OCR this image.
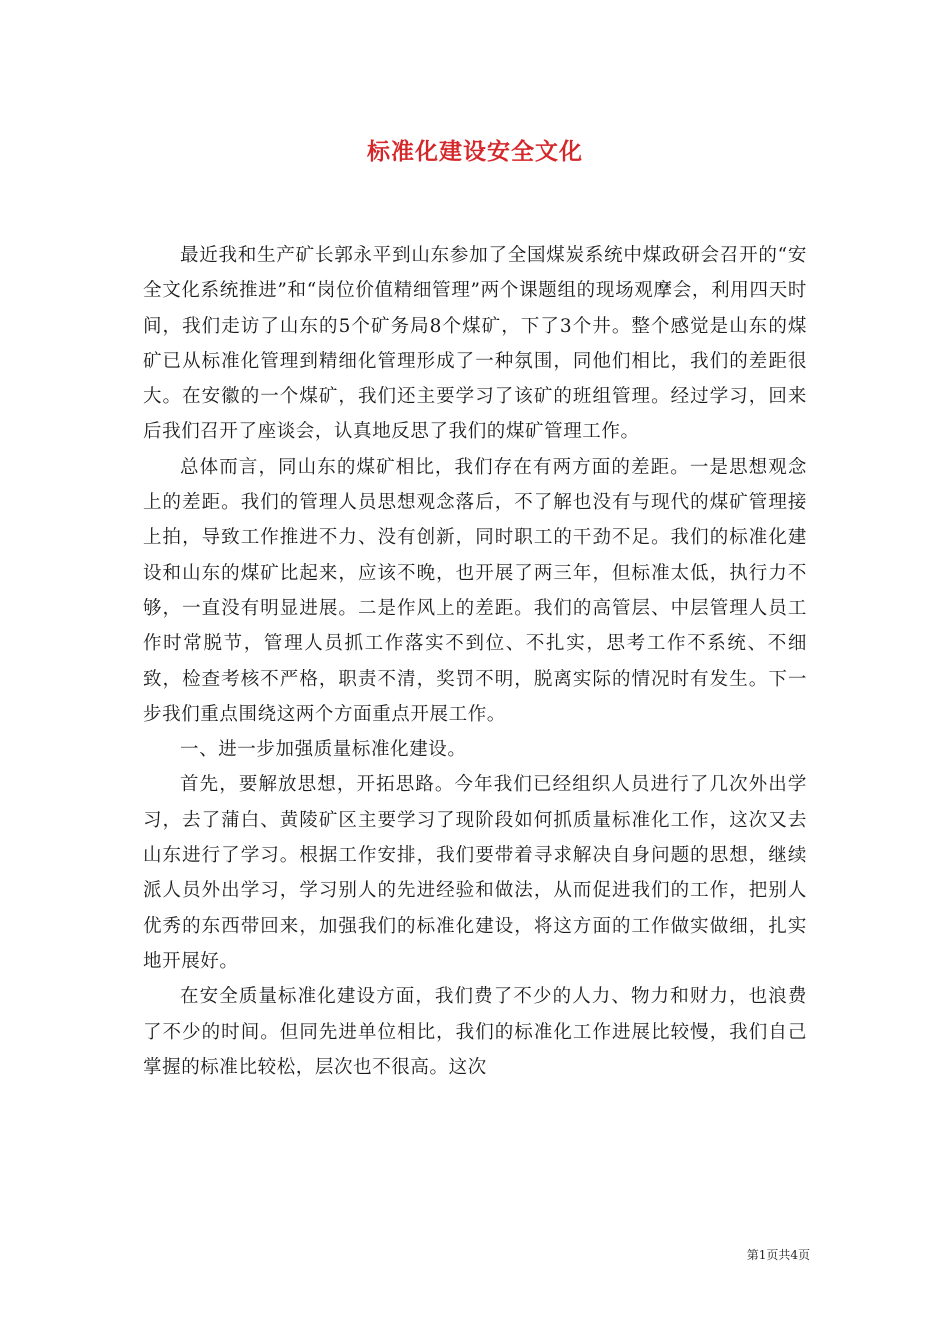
标准化建设安全文化

最近我和生产矿长郭永平到山东参加了全国煤炭系统中煤政研会召开的“安全文化系统推进”和“岗位价值精细管理”两个课题组的现场观摩会，利用四天时间，我们走访了山东的5个矿务局8个煤矿，下了3个井。整个感觉是山东的煤矿已从标准化管理到精细化管理形成了一种氛围，同他们相比，我们的差距很大。在安徽的一个煤矿，我们还主要学习了该矿的班组管理。经过学习，回来后我们召开了座谈会，认真地反思了我们的煤矿管理工作。

总体而言，同山东的煤矿相比，我们存在有两方面的差距。一是思想观念上的差距。我们的管理人员思想观念落后，不了解也没有与现代的煤矿管理接上拍，导致工作推进不力、没有创新，同时职工的干劲不足。我们的标准化建设和山东的煤矿比起来，应该不晚，也开展了两三年，但标准太低，执行力不够，一直没有明显进展。二是作风上的差距。我们的高管层、中层管理人员工作时常脱节，管理人员抓工作落实不到位、不扎实，思考工作不系统、不细致，检查考核不严格，职责不清，奖罚不明，脱离实际的情况时有发生。下一步我们重点围绕这两个方面重点开展工作。

一、进一步加强质量标准化建设。

首先，要解放思想，开拓思路。今年我们已经组织人员进行了几次外出学习，去了蒲白、黄陵矿区主要学习了现阶段如何抓质量标准化工作，这次又去山东进行了学习。根据工作安排，我们要带着寻求解决自身问题的思想，继续派人员外出学习，学习别人的先进经验和做法，从而促进我们的工作，把别人优秀的东西带回来，加强我们的标准化建设，将这方面的工作做实做细，扎实地开展好。

在安全质量标准化建设方面，我们费了不少的人力、物力和财力，也浪费了不少的时间。但同先进单位相比，我们的标准化工作进展比较慢，我们自己掌握的标准比较松，层次也不很高。这次

第1页共4页
